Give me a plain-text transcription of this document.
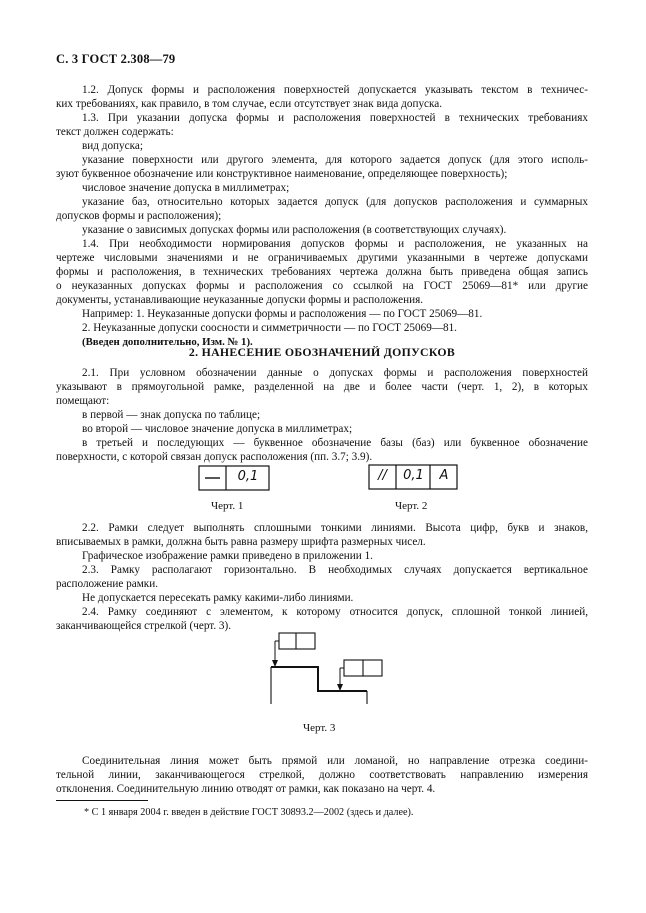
С. 3 ГОСТ 2.308—79
1.2. Допуск формы и расположения поверхностей допускается указывать текстом в техничес-
ких требованиях, как правило, в том случае, если отсутствует знак вида допуска.
1.3. При указании допуска формы и расположения поверхностей в технических требованиях
текст должен содержать:
вид допуска;
указание поверхности или другого элемента, для которого задается допуск (для этого исполь-
зуют буквенное обозначение или конструктивное наименование, определяющее поверхность);
числовое значение допуска в миллиметрах;
указание баз, относительно которых задается допуск (для допусков расположения и суммарных
допусков формы и расположения);
указание о зависимых допусках формы или расположения (в соответствующих случаях).
1.4. При необходимости нормирования допусков формы и расположения, не указанных на
чертеже числовыми значениями и не ограничиваемых другими указанными в чертеже допусками
формы и расположения, в технических требованиях чертежа должна быть приведена общая запись
о неуказанных допусках формы и расположения со ссылкой на ГОСТ 25069—81* или другие
документы, устанавливающие неуказанные допуски формы и расположения.
Например: 1. Неуказанные допуски формы и расположения — по ГОСТ 25069—81.
2. Неуказанные допуски соосности и симметричности — по ГОСТ 25069—81.
(Введен дополнительно, Изм. № 1).
2. НАНЕСЕНИЕ ОБОЗНАЧЕНИЙ ДОПУСКОВ
2.1. При условном обозначении данные о допусках формы и расположения поверхностей
указывают в прямоугольной рамке, разделенной на две и более части (черт. 1, 2), в которых
помещают:
в первой — знак допуска по таблице;
во второй — числовое значение допуска в миллиметрах;
в третьей и последующих — буквенное обозначение базы (баз) или буквенное обозначение
поверхности, с которой связан допуск расположения (пп. 3.7; 3.9).
0,1
Черт. 1
//	0,1	A
Черт. 2
2.2. Рамки следует выполнять сплошными тонкими линиями. Высота цифр, букв и знаков,
вписываемых в рамки, должна быть равна размеру шрифта размерных чисел.
Графическое изображение рамки приведено в приложении 1.
2.3. Рамку располагают горизонтально. В необходимых случаях допускается вертикальное
расположение рамки.
Не допускается пересекать рамку какими-либо линиями.
2.4. Рамку соединяют с элементом, к которому относится допуск, сплошной тонкой линией,
заканчивающейся стрелкой (черт. 3).
Черт. 3
Соединительная линия может быть прямой или ломаной, но направление отрезка соедини-
тельной линии, заканчивающегося стрелкой, должно соответствовать направлению измерения
отклонения. Соединительную линию отводят от рамки, как показано на черт. 4.
* С 1 января 2004 г. введен в действие ГОСТ 30893.2—2002 (здесь и далее).
